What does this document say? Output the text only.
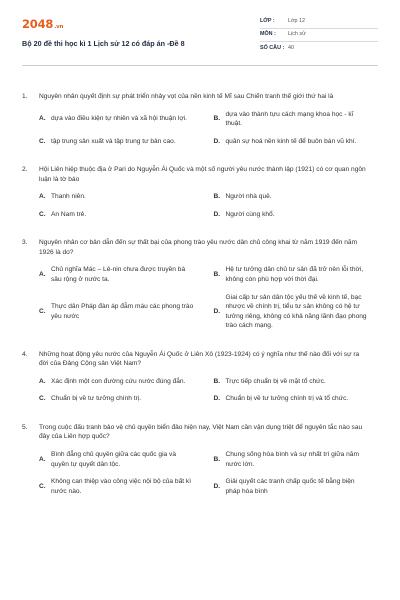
2048.vn
Bộ 20 đề thi học kì 1 Lịch sử 12 có đáp án -Đề 8
LỚP :	Lớp 12
MÔN :	Lịch sử
SỐ CÂU : 40
1.	Nguyên nhân quyết định sự phát triển nhảy vọt của nền kinh tế Mĩ sau Chiến tranh thế giới thứ hai là
A. dựa vào điều kiện tự nhiên và xã hội thuận lợi.	B.
dựa vào thành tựu cách mạng khoa học - kĩ thuật.
C. tập trung sản xuất và tập trung tư bản cao.	D. quân sự hoá nền kinh tế để buôn bán vũ khí.
2.	Hội Liên hiệp thuộc địa ở Pari do Nguyễn Ái Quốc và một số người yêu nước thành lập (1921) có cơ quan ngôn luận là tờ báo
A. Thanh niên.	B. Người nhà quê.
C. An Nam trẻ.	D. Người cùng khổ.
3.	Nguyên nhân cơ bản dẫn đến sự thất bại của phong trào yêu nước dân chủ công khai từ năm 1919 đến năm 1926 là do?
A.
Chủ nghĩa Mác – Lê-nin chưa được truyền bá sâu rộng ở nước ta.
B.
Hệ tư tưởng dân chủ tư sản đã trở nên lỗi thời, không còn phù hợp với thời đại.
C.
Thực dân Pháp đàn áp đẫm máu các phong trào yêu nước
D.
Giai cấp tư sản dân tộc yếu thế về kinh tế, bạc nhược về chính trị, tiểu tư sản không có hệ tư tưởng riêng, không có khả năng lãnh đạo phong trào cách mạng.
4.	Những hoạt động yêu nước của Nguyễn Ái Quốc ở Liên Xô (1923-1924) có ý nghĩa như thế nào đối với sự ra đời của Đảng Cộng sản Việt Nam?
A. Xác định một con đường cứu nước đúng đắn.	B. Trực tiếp chuẩn bị về mặt tổ chức.
C. Chuẩn bị về tư tưởng chính trị.	D. Chuẩn bị về tư tưởng chính trị và tổ chức.
5.	Trong cuộc đấu tranh bảo vệ chủ quyền biển đảo hiện nay, Việt Nam cần vận dụng triệt để nguyên tắc nào sau đây của Liên hợp quốc?
A.
Bình đẳng chủ quyền giữa các quốc gia và quyền tự quyết dân tộc.
B.
Chung sống hòa bình và sự nhất trí giữa năm nước lớn.
C.
Không can thiệp vào công việc nội bộ của bất kì nước nào.
D.
Giải quyết các tranh chấp quốc tế bằng biện pháp hòa bình
